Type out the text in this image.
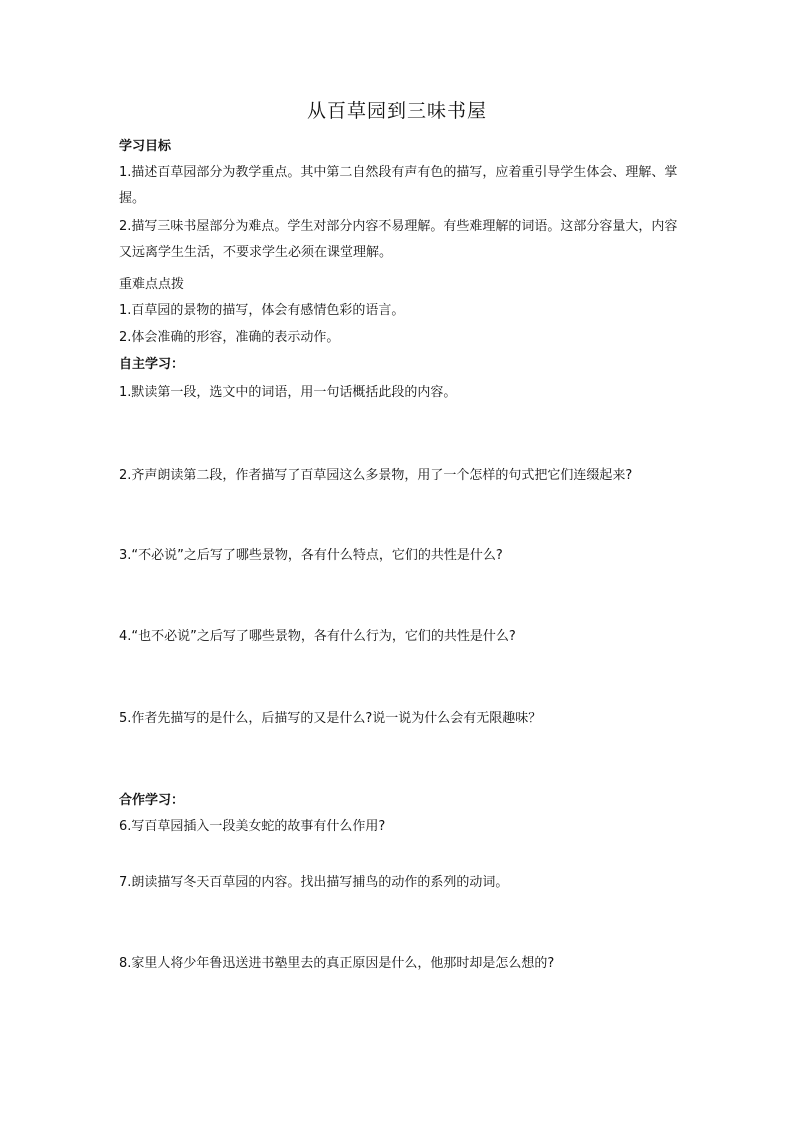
从百草园到三味书屋
学习目标
1.描述百草园部分为教学重点。其中第二自然段有声有色的描写，应着重引导学生体会、理解、掌握。
2.描写三味书屋部分为难点。学生对部分内容不易理解。有些难理解的词语。这部分容量大，内容又远离学生生活，不要求学生必须在课堂理解。
重难点点拨
1.百草园的景物的描写，体会有感情色彩的语言。
2.体会准确的形容，准确的表示动作。
自主学习：
1.默读第一段，选文中的词语，用一句话概括此段的内容。
2.齐声朗读第二段，作者描写了百草园这么多景物，用了一个怎样的句式把它们连缀起来?
3.“不必说”之后写了哪些景物，各有什么特点，它们的共性是什么?
4.“也不必说”之后写了哪些景物，各有什么行为，它们的共性是什么?
5.作者先描写的是什么，后描写的又是什么?说一说为什么会有无限趣味？
合作学习：
6.写百草园插入一段美女蛇的故事有什么作用?
7.朗读描写冬天百草园的内容。找出描写捕鸟的动作的系列的动词。
8.家里人将少年鲁迅送进书塾里去的真正原因是什么，他那时却是怎么想的?
